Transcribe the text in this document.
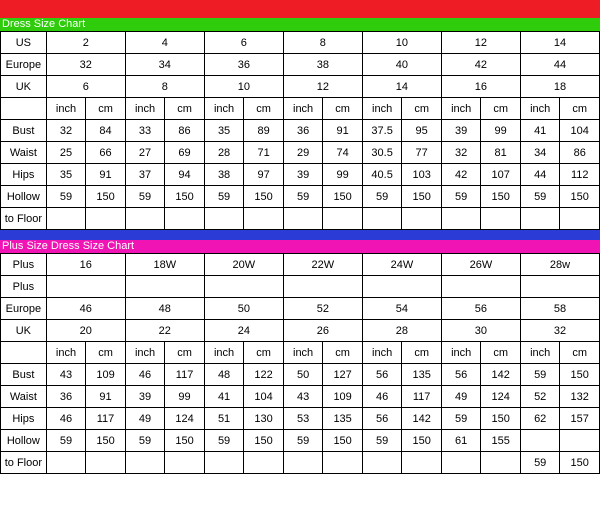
Dress Size Chart
US	2		4		6		8		10		12		14	
Europe	32		34		36		38		40		42		44	
UK	6		8		10		12		14		16		18	
	inch	cm	inch	cm	inch	cm	inch	cm	inch	cm	inch	cm	inch	cm
Bust	32	84	33	86	35	89	36	91	37.5	95	39	99	41	104
Waist	25	66	27	69	28	71	29	74	30.5	77	32	81	34	86
Hips	35	91	37	94	38	97	39	99	40.5	103	42	107	44	112
Hollow	59	150	59	150	59	150	59	150	59	150	59	150	59	150
to Floor														
Plus Size Dress Size Chart
Plus	16		18W		20W		22W		24W		26W		28w	
Plus														
Europe	46		48		50		52		54		56		58	
UK	20		22		24		26		28		30		32	
	inch	cm	inch	cm	inch	cm	inch	cm	inch	cm	inch	cm	inch	cm
Bust	43	109	46	117	48	122	50	127	56	135	56	142	59	150
Waist	36	91	39	99	41	104	43	109	46	117	49	124	52	132
Hips	46	117	49	124	51	130	53	135	56	142	59	150	62	157
Hollow	59	150	59	150	59	150	59	150	59	150	61	155		
to Floor													59	150
